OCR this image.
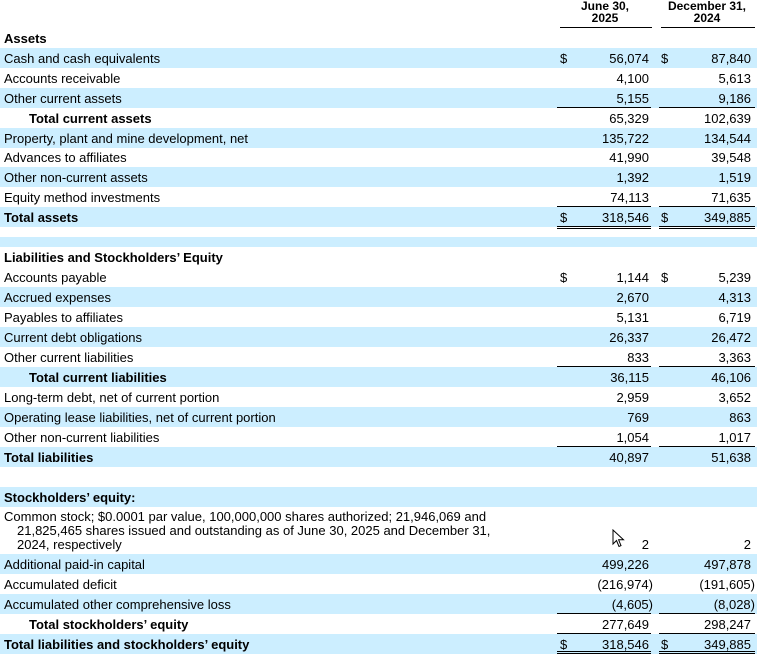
June 30,
2025
December 31,
2024
Assets
Cash and cash equivalents	$	56,074 $	87,840
Accounts receivable	4,100	5,613
Other current assets	5,155	9,186
Total current assets	65,329	102,639
Property, plant and mine development, net	135,722	134,544
Advances to affiliates	41,990	39,548
Other non-current assets	1,392	1,519
Equity method investments	74,113	71,635
Total assets	$	318,546 $	349,885
Liabilities and Stockholders’ Equity
Accounts payable	$	1,144 $	5,239
Accrued expenses	2,670	4,313
Payables to affiliates	5,131	6,719
Current debt obligations	26,337	26,472
Other current liabilities	833	3,363
Total current liabilities	36,115	46,106
Long-term debt, net of current portion	2,959	3,652
Operating lease liabilities, net of current portion	769	863
Other non-current liabilities	1,054	1,017
Total liabilities	40,897	51,638
Stockholders’ equity:
Common stock; $0.0001 par value, 100,000,000 shares authorized; 21,946,069 and
21,825,465 shares issued and outstanding as of June 30, 2025 and December 31,
2024, respectively	2	2
Additional paid-in capital	499,226	497,878
Accumulated deficit	(216,974)	(191,605)
Accumulated other comprehensive loss	(4,605)	(8,028)
Total stockholders’ equity	277,649	298,247
Total liabilities and stockholders’ equity	$	318,546 $	349,885
